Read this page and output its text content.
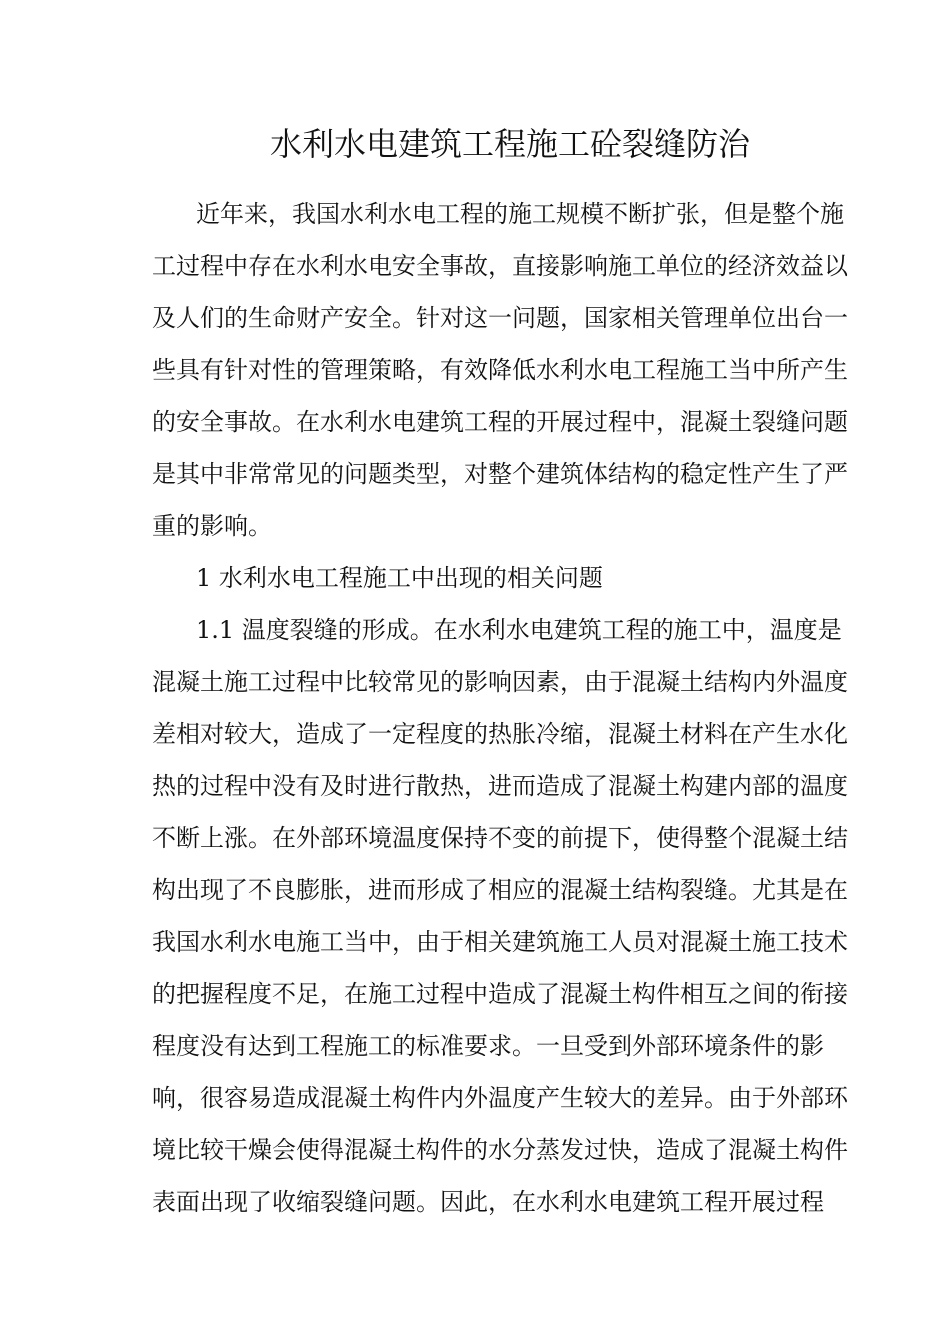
水利水电建筑工程施工砼裂缝防治
近年来，我国水利水电工程的施工规模不断扩张，但是整个施
工过程中存在水利水电安全事故，直接影响施工单位的经济效益以
及人们的生命财产安全。针对这一问题，国家相关管理单位出台一
些具有针对性的管理策略，有效降低水利水电工程施工当中所产生
的安全事故。在水利水电建筑工程的开展过程中，混凝土裂缝问题
是其中非常常见的问题类型，对整个建筑体结构的稳定性产生了严
重的影响。
1 水利水电工程施工中出现的相关问题
1.1 温度裂缝的形成。在水利水电建筑工程的施工中，温度是
混凝土施工过程中比较常见的影响因素，由于混凝土结构内外温度
差相对较大，造成了一定程度的热胀冷缩，混凝土材料在产生水化
热的过程中没有及时进行散热，进而造成了混凝土构建内部的温度
不断上涨。在外部环境温度保持不变的前提下，使得整个混凝土结
构出现了不良膨胀，进而形成了相应的混凝土结构裂缝。尤其是在
我国水利水电施工当中，由于相关建筑施工人员对混凝土施工技术
的把握程度不足，在施工过程中造成了混凝土构件相互之间的衔接
程度没有达到工程施工的标准要求。一旦受到外部环境条件的影
响，很容易造成混凝土构件内外温度产生较大的差异。由于外部环
境比较干燥会使得混凝土构件的水分蒸发过快，造成了混凝土构件
表面出现了收缩裂缝问题。因此，在水利水电建筑工程开展过程
